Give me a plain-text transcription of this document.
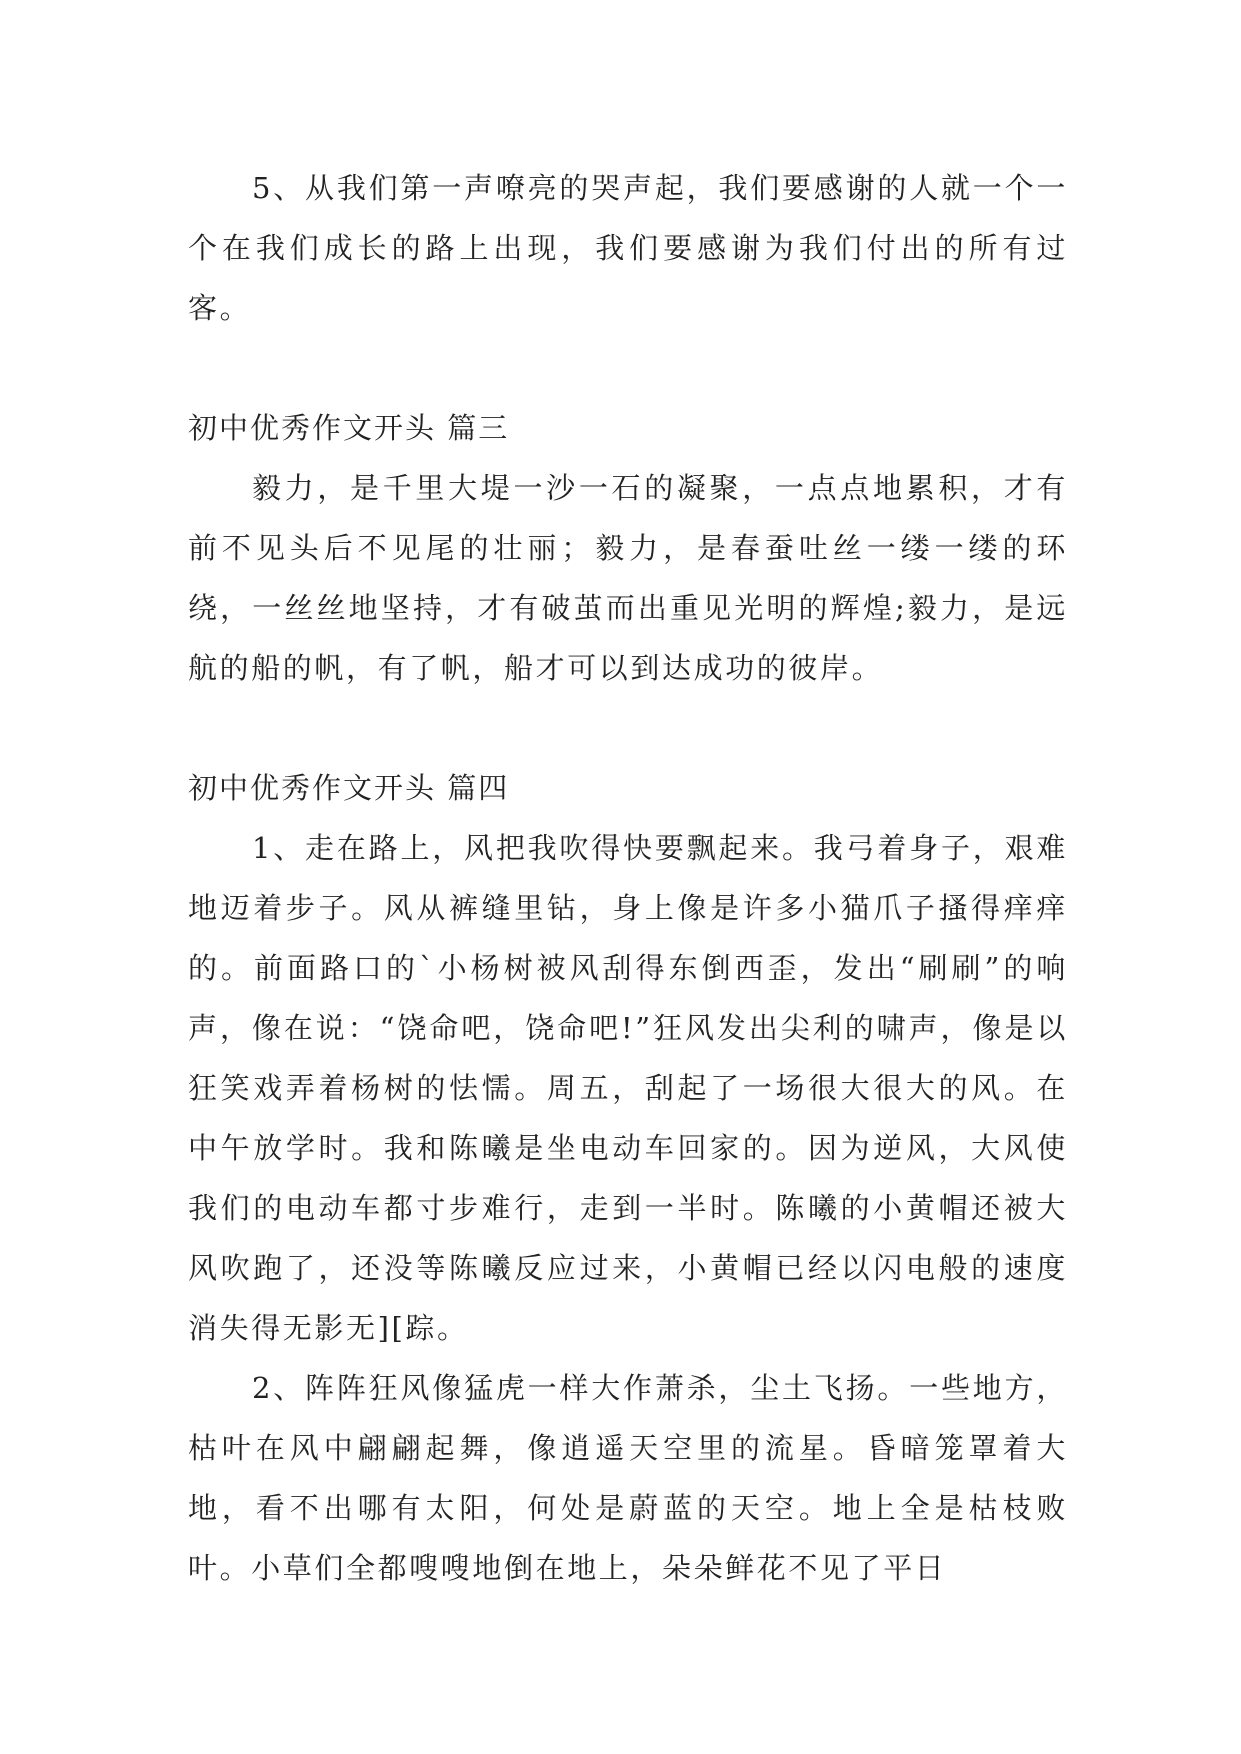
5、从我们第一声嘹亮的哭声起，我们要感谢的人就一个一个在我们成长的路上出现，我们要感谢为我们付出的所有过客。

初中优秀作文开头 篇三

毅力，是千里大堤一沙一石的凝聚，一点点地累积，才有前不见头后不见尾的壮丽；毅力，是春蚕吐丝一缕一缕的环绕，一丝丝地坚持，才有破茧而出重见光明的辉煌;毅力，是远航的船的帆，有了帆，船才可以到达成功的彼岸。

初中优秀作文开头 篇四

1、走在路上，风把我吹得快要飘起来。我弓着身子，艰难地迈着步子。风从裤缝里钻，身上像是许多小猫爪子搔得痒痒的。前面路口的`小杨树被风刮得东倒西歪，发出“刷刷”的响声，像在说：“饶命吧，饶命吧!”狂风发出尖利的啸声，像是以狂笑戏弄着杨树的怯懦。周五，刮起了一场很大很大的风。在中午放学时。我和陈曦是坐电动车回家的。因为逆风，大风使我们的电动车都寸步难行，走到一半时。陈曦的小黄帽还被大风吹跑了，还没等陈曦反应过来，小黄帽已经以闪电般的速度消失得无影无][踪。

2、阵阵狂风像猛虎一样大作萧杀，尘土飞扬。一些地方，枯叶在风中翩翩起舞，像逍遥天空里的流星。昏暗笼罩着大地，看不出哪有太阳，何处是蔚蓝的天空。地上全是枯枝败叶。小草们全都嗖嗖地倒在地上，朵朵鲜花不见了平日
